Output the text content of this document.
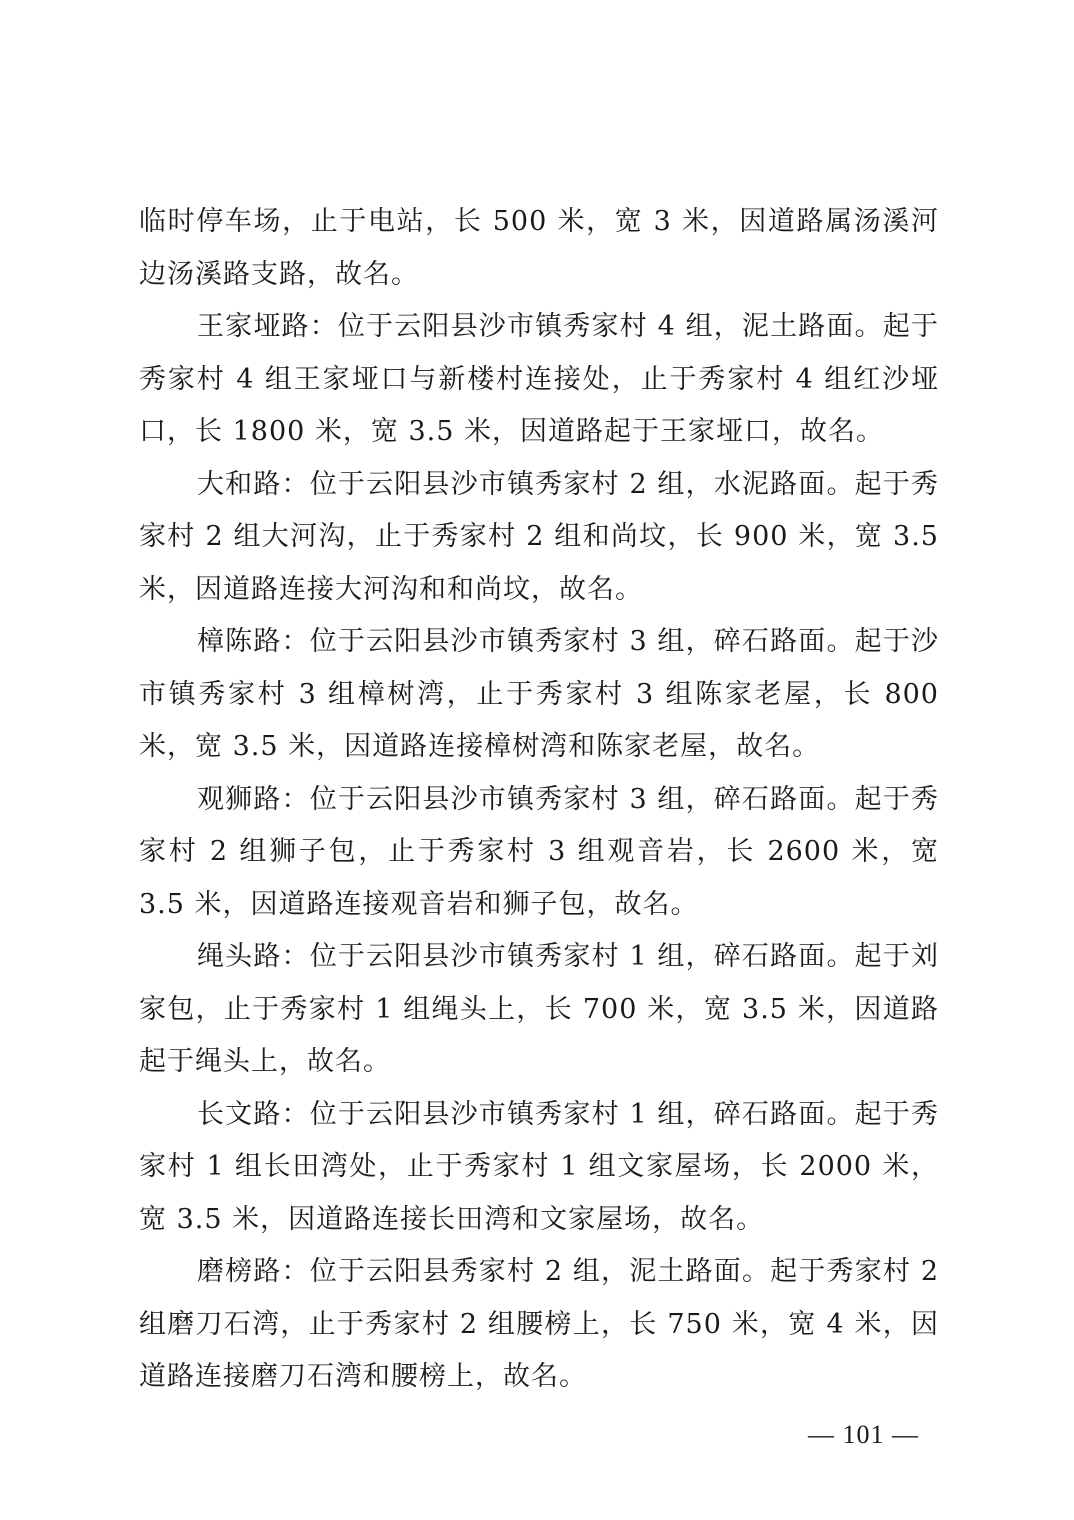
临时停车场，止于电站，长 500 米，宽 3 米，因道路属汤溪河边汤溪路支路，故名。

王家垭路：位于云阳县沙市镇秀家村 4 组，泥土路面。起于秀家村 4 组王家垭口与新楼村连接处，止于秀家村 4 组红沙垭口，长 1800 米，宽 3.5 米，因道路起于王家垭口，故名。

大和路：位于云阳县沙市镇秀家村 2 组，水泥路面。起于秀家村 2 组大河沟，止于秀家村 2 组和尚坟，长 900 米，宽 3.5 米，因道路连接大河沟和和尚坟，故名。

樟陈路：位于云阳县沙市镇秀家村 3 组，碎石路面。起于沙市镇秀家村 3 组樟树湾，止于秀家村 3 组陈家老屋，长 800 米，宽 3.5 米，因道路连接樟树湾和陈家老屋，故名。

观狮路：位于云阳县沙市镇秀家村 3 组，碎石路面。起于秀家村 2 组狮子包，止于秀家村 3 组观音岩，长 2600 米，宽 3.5 米，因道路连接观音岩和狮子包，故名。

绳头路：位于云阳县沙市镇秀家村 1 组，碎石路面。起于刘家包，止于秀家村 1 组绳头上，长 700 米，宽 3.5 米，因道路起于绳头上，故名。

长文路：位于云阳县沙市镇秀家村 1 组，碎石路面。起于秀家村 1 组长田湾处，止于秀家村 1 组文家屋场，长 2000 米，宽 3.5 米，因道路连接长田湾和文家屋场，故名。

磨榜路：位于云阳县秀家村 2 组，泥土路面。起于秀家村 2 组磨刀石湾，止于秀家村 2 组腰榜上，长 750 米，宽 4 米，因道路连接磨刀石湾和腰榜上，故名。

— 101 —
